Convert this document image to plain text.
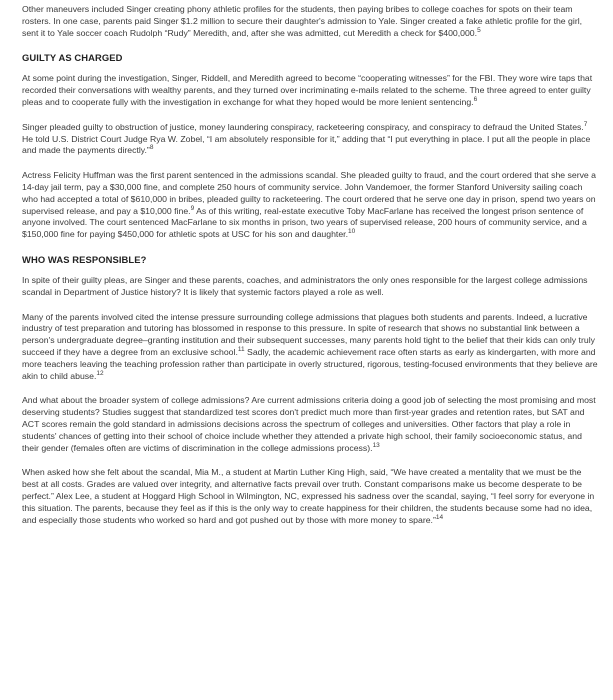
Other maneuvers included Singer creating phony athletic profiles for the students, then paying bribes to college coaches for spots on their team rosters. In one case, parents paid Singer $1.2 million to secure their daughter's admission to Yale. Singer created a fake athletic profile for the girl, sent it to Yale soccer coach Rudolph “Rudy” Meredith, and, after she was admitted, cut Meredith a check for $400,000.$^5$

GUILTY AS CHARGED

At some point during the investigation, Singer, Riddell, and Meredith agreed to become “cooperating witnesses” for the FBI. They wore wire taps that recorded their conversations with wealthy parents, and they turned over incriminating e-mails related to the scheme. The three agreed to enter guilty pleas and to cooperate fully with the investigation in exchange for what they hoped would be more lenient sentencing.$^6$

Singer pleaded guilty to obstruction of justice, money laundering conspiracy, racketeering conspiracy, and conspiracy to defraud the United States.$^7$ He told U.S. District Court Judge Rya W. Zobel, “I am absolutely responsible for it,” adding that “I put everything in place. I put all the people in place and made the payments directly.”$^8$

Actress Felicity Huffman was the first parent sentenced in the admissions scandal. She pleaded guilty to fraud, and the court ordered that she serve a 14-day jail term, pay a $30,000 fine, and complete 250 hours of community service. John Vandemoer, the former Stanford University sailing coach who had accepted a total of $610,000 in bribes, pleaded guilty to racketeering. The court ordered that he serve one day in prison, spend two years on supervised release, and pay a $10,000 fine.$^9$ As of this writing, real-estate executive Toby MacFarlane has received the longest prison sentence of anyone involved. The court sentenced MacFarlane to six months in prison, two years of supervised release, 200 hours of community service, and a $150,000 fine for paying $450,000 for athletic spots at USC for his son and daughter.$^{10}$

WHO WAS RESPONSIBLE?

In spite of their guilty pleas, are Singer and these parents, coaches, and administrators the only ones responsible for the largest college admissions scandal in Department of Justice history? It is likely that systemic factors played a role as well.

Many of the parents involved cited the intense pressure surrounding college admissions that plagues both students and parents. Indeed, a lucrative industry of test preparation and tutoring has blossomed in response to this pressure. In spite of research that shows no substantial link between a person's undergraduate degree–granting institution and their subsequent successes, many parents hold tight to the belief that their kids can only truly succeed if they have a degree from an exclusive school.$^{11}$ Sadly, the academic achievement race often starts as early as kindergarten, with more and more teachers leaving the teaching profession rather than participate in overly structured, rigorous, testing-focused environments that they believe are akin to child abuse.$^{12}$

And what about the broader system of college admissions? Are current admissions criteria doing a good job of selecting the most promising and most deserving students? Studies suggest that standardized test scores don't predict much more than first-year grades and retention rates, but SAT and ACT scores remain the gold standard in admissions decisions across the spectrum of colleges and universities. Other factors that play a role in students' chances of getting into their school of choice include whether they attended a private high school, their family socioeconomic status, and their gender (females often are victims of discrimination in the college admissions process).$^{13}$

When asked how she felt about the scandal, Mia M., a student at Martin Luther King High, said, “We have created a mentality that we must be the best at all costs. Grades are valued over integrity, and alternative facts prevail over truth. Constant comparisons make us become desperate to be perfect.” Alex Lee, a student at Hoggard High School in Wilmington, NC, expressed his sadness over the scandal, saying, “I feel sorry for everyone in this situation. The parents, because they feel as if this is the only way to create happiness for their children, the students because some had no idea, and especially those students who worked so hard and got pushed out by those with more money to spare.”$^{14}$
